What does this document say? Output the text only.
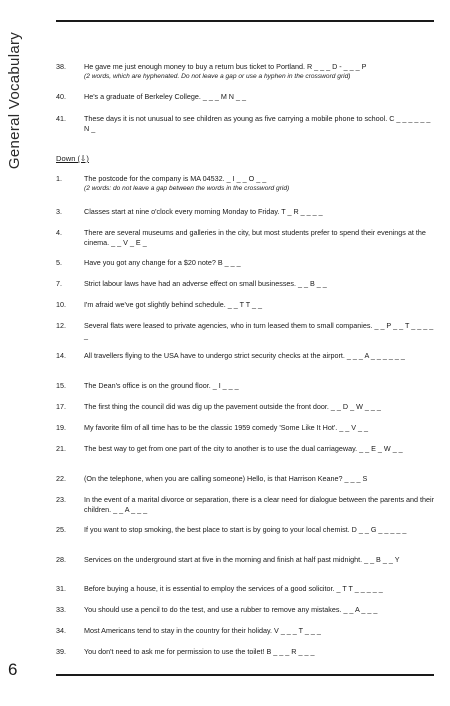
General Vocabulary	38.	He gave me just enough money to buy a return bus ticket to Portland. R _ _ _ D - _ _ _ P
(2 words, which are hyphenated. Do not leave a gap or use a hyphen in the crossword grid)
40.	He's a graduate of Berkeley College. _ _ _ M N _ _
41.	These days it is not unusual to see children as young as five carrying a mobile phone to school. C _ _ _ _ _ _ N _
Down (⇩)
1.	The postcode for the company is MA 04532. _ I _ _ O _ _
(2 words: do not leave a gap between the words in the crossword grid)
3.	Classes start at nine o'clock every morning Monday to Friday. T _ R _ _ _ _
4.	There are several museums and galleries in the city, but most students prefer to spend their evenings at the cinema. _ _ V _ E _
5.	Have you got any change for a $20 note? B _ _ _
7.	Strict labour laws have had an adverse effect on small businesses. _ _ B _ _
10.	I'm afraid we've got slightly behind schedule. _ _ T T _ _
12.	Several flats were leased to private agencies, who in turn leased them to small companies. _ _ P _ _ T _ _ _ _ _
14.	All travellers flying to the USA have to undergo strict security checks at the airport. _ _ _ A _ _ _ _ _ _
15.	The Dean's office is on the ground floor. _ I _ _ _
17.	The first thing the council did was dig up the pavement outside the front door. _ _ D _ W _ _ _
19.	My favorite film of all time has to be the classic 1959 comedy 'Some Like It Hot'. _ _ V _ _
21.	The best way to get from one part of the city to another is to use the dual carriageway. _ _ E _ W _ _
22.	(On the telephone, when you are calling someone) Hello, is that Harrison Keane? _ _ _ S
23.	In the event of a marital divorce or separation, there is a clear need for dialogue between the parents and their children. _ _ A _ _ _
25.	If you want to stop smoking, the best place to start is by going to your local chemist. D _ _ G _ _ _ _ _
28.	Services on the underground start at five in the morning and finish at half past midnight. _ _ B _ _ Y
31.	Before buying a house, it is essential to employ the services of a good solicitor. _ T T _ _ _ _ _
33.	You should use a pencil to do the test, and use a rubber to remove any mistakes. _ _ A _ _ _
34.	Most Americans tend to stay in the country for their holiday. V _ _ _ T _ _ _
39.	You don't need to ask me for permission to use the toilet! B _ _ _ R _ _ _
6
